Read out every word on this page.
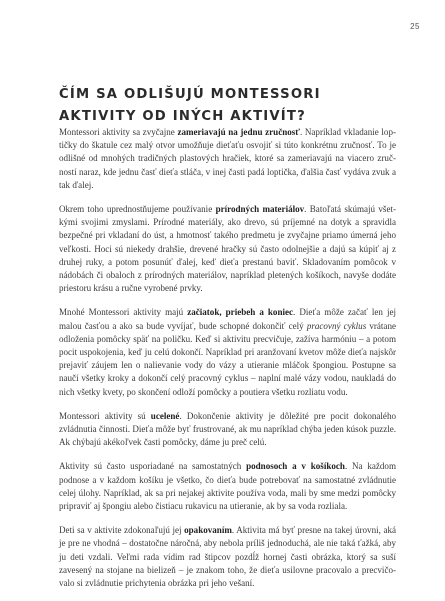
25
ČÍM SA ODLIŠUJÚ MONTESSORI AKTIVITY OD INÝCH AKTIVÍT?

Montessori aktivity sa zvyčajne zameriavajú na jednu zručnosť. Napríklad vkladanie loptičky do škatule cez malý otvor umožňuje dieťaťu osvojiť si túto konkrétnu zručnosť. To je odlišné od mnohých tradičných plastových hračiek, ktoré sa zameriavajú na viacero zručností naraz, kde jednu časť dieťa stláča, v inej časti padá loptička, ďalšia časť vydáva zvuk a tak ďalej.

Okrem toho uprednostňujeme používanie prírodných materiálov. Batoľatá skúmajú všetkými svojimi zmyslami. Prírodné materiály, ako drevo, sú príjemné na dotyk a spravidla bezpečné pri vkladaní do úst, a hmotnosť takého predmetu je zvyčajne priamo úmerná jeho veľkosti. Hoci sú niekedy drahšie, drevené hračky sú často odolnejšie a dajú sa kúpiť aj z druhej ruky, a potom posunúť ďalej, keď dieťa prestanú baviť. Skladovaním pomôcok v nádobách či obaloch z prírodných materiálov, napríklad pletených košíkoch, navyše dodáte priestoru krásu a ručne vyrobené prvky.

Mnohé Montessori aktivity majú začiatok, priebeh a koniec. Dieťa môže začať len jej malou časťou a ako sa bude vyvíjať, bude schopné dokončiť celý pracovný cyklus vrátane odloženia pomôcky späť na poličku. Keď si aktivitu precvičuje, zažíva harmóniu – a potom pocit uspokojenia, keď ju celú dokončí. Napríklad pri aranžovaní kvetov môže dieťa najskôr prejaviť záujem len o nalievanie vody do vázy a utieranie mláčok špongiou. Postupne sa naučí všetky kroky a dokončí celý pracovný cyklus – naplní malé vázy vodou, naukladá do nich všetky kvety, po skončení odloží pomôcky a poutiera všetku rozliatu vodu.

Montessori aktivity sú ucelené. Dokončenie aktivity je dôležité pre pocit dokonalého zvládnutia činnosti. Dieťa môže byť frustrované, ak mu napríklad chýba jeden kúsok puzzle. Ak chýbajú akékoľvek časti pomôcky, dáme ju preč celú.

Aktivity sú často usporiadané na samostatných podnosoch a v košíkoch. Na každom podnose a v každom košíku je všetko, čo dieťa bude potrebovať na samostatné zvládnutie celej úlohy. Napríklad, ak sa pri nejakej aktivite používa voda, mali by sme medzi pomôcky pripraviť aj špongiu alebo čistiacu rukavicu na utieranie, ak by sa voda rozliala.

Deti sa v aktivite zdokonaľujú jej opakovaním. Aktivita má byť presne na takej úrovni, aká je pre ne vhodná – dostatočne náročná, aby nebola príliš jednoduchá, ale nie taká ťažká, aby ju deti vzdali. Veľmi rada vídim rad štipcov pozdĺž hornej časti obrázka, ktorý sa suší zavesený na stojane na bielizeň – je znakom toho, že dieťa usilovne pracovalo a precvičovalo si zvládnutie prichytenia obrázka pri jeho vešaní.
